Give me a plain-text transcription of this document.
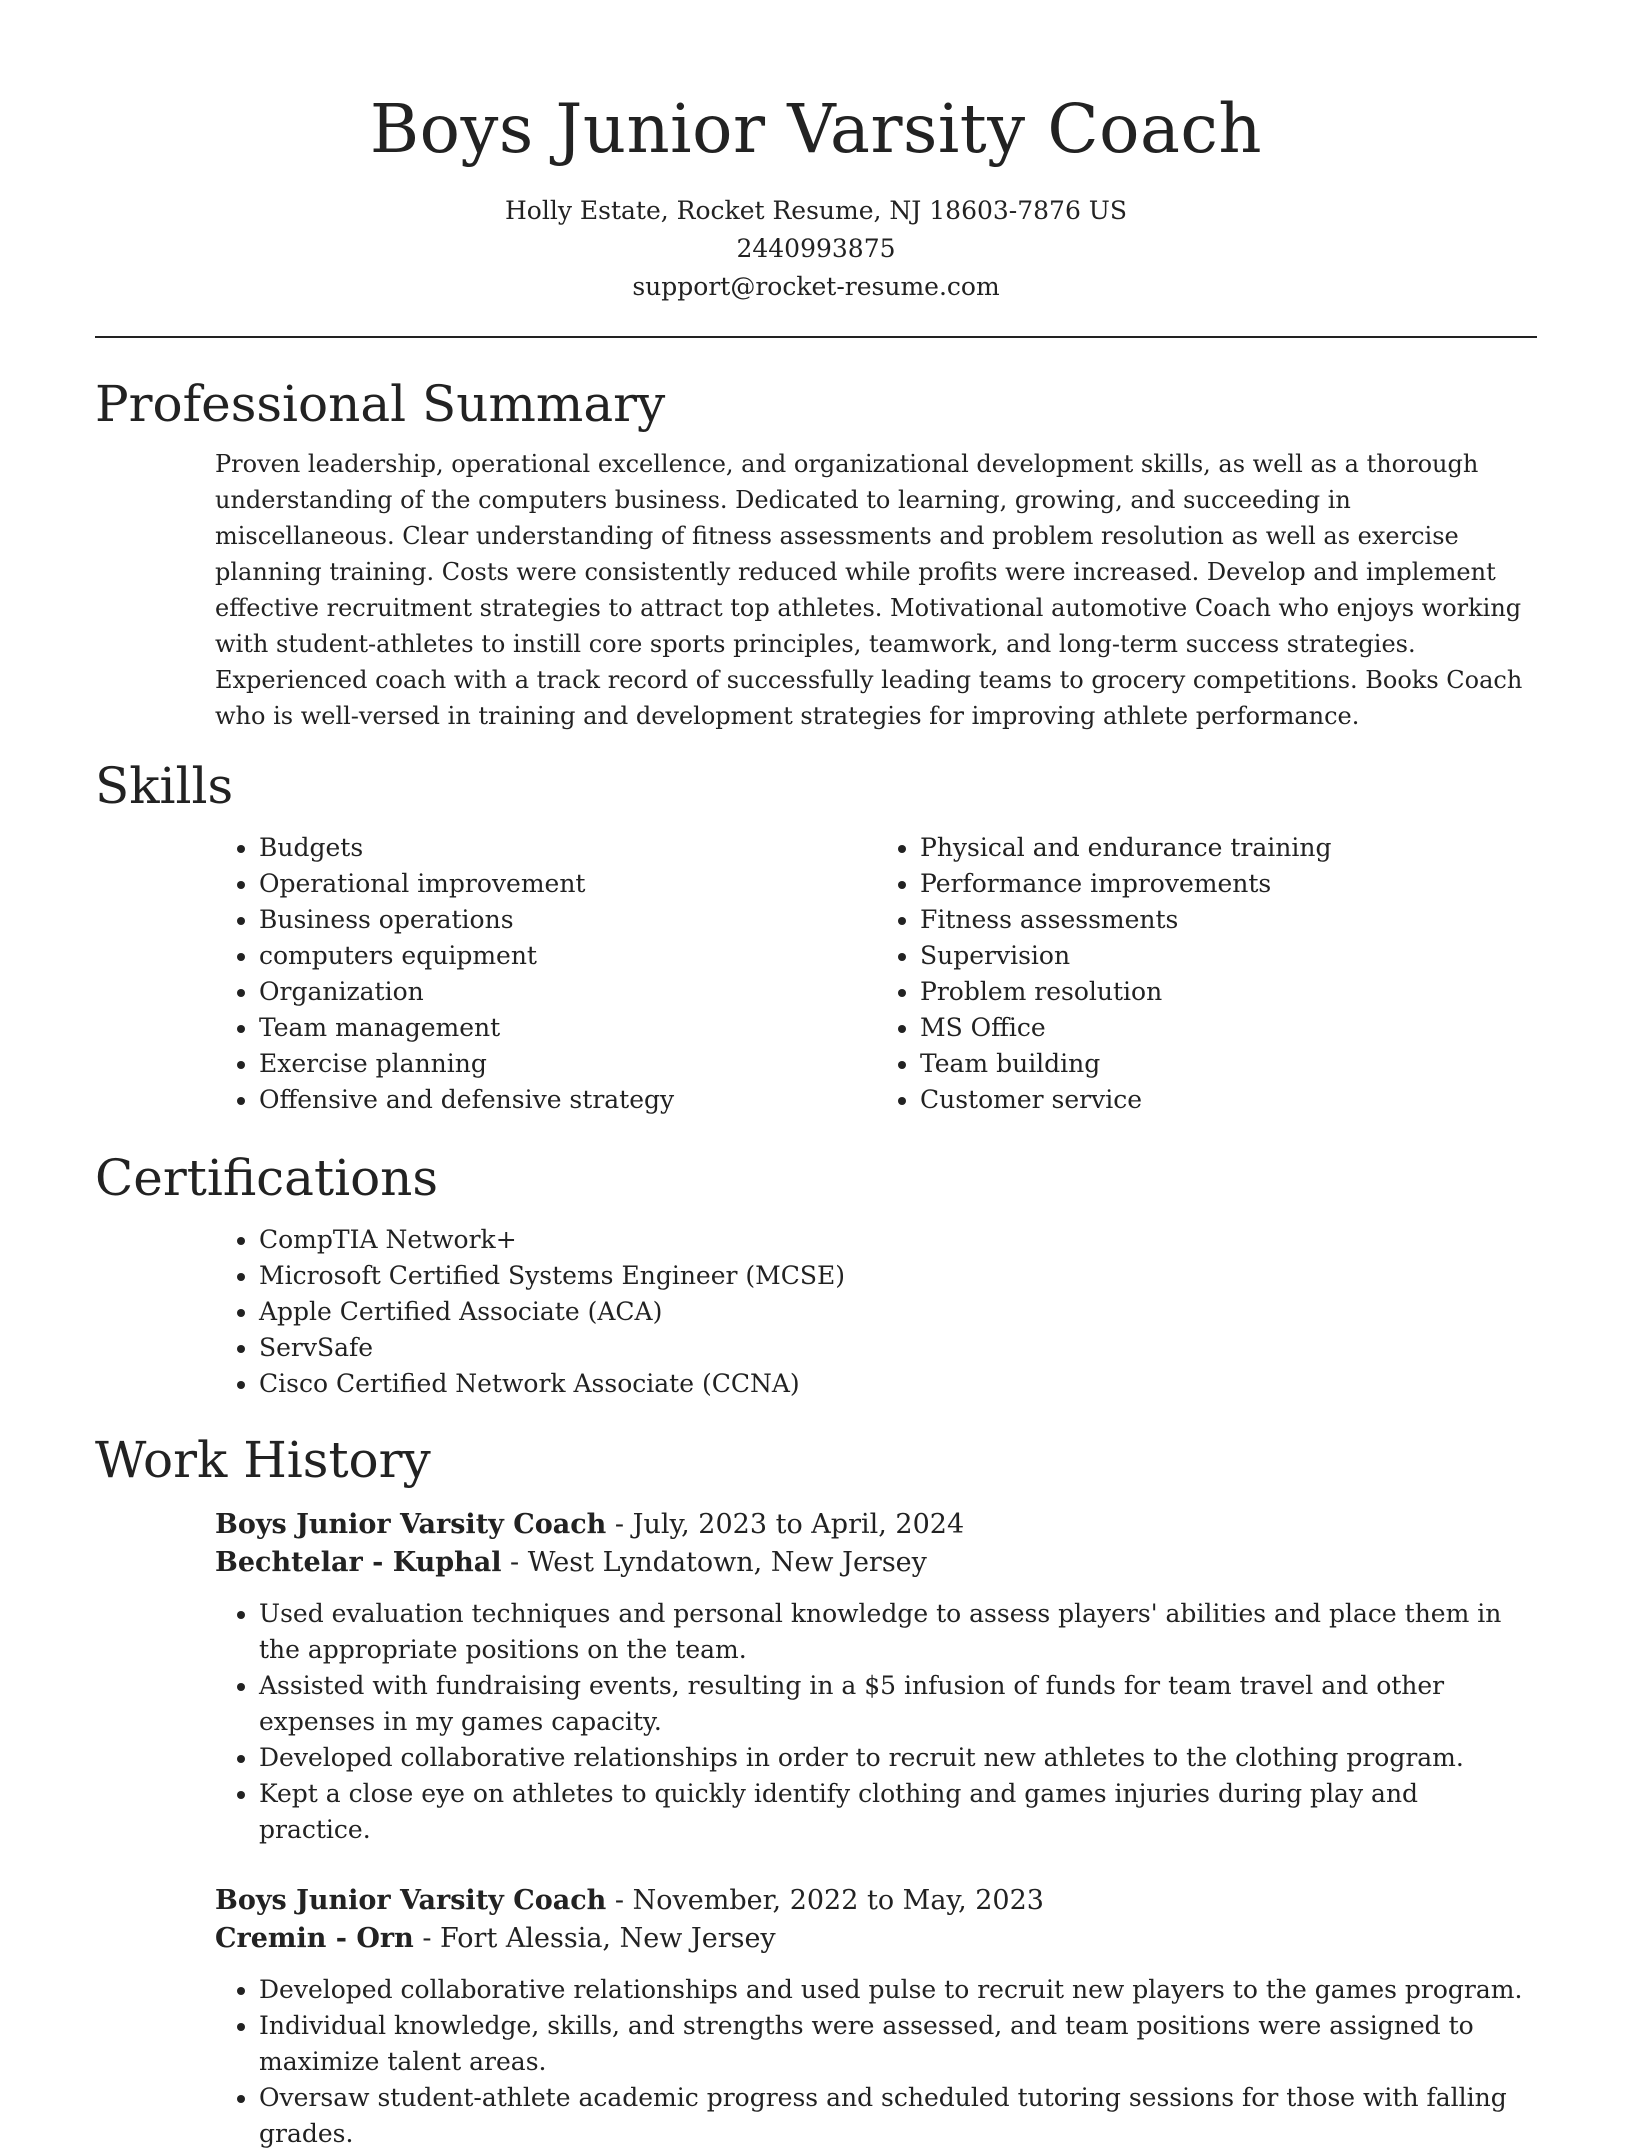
Boys Junior Varsity Coach
Holly Estate, Rocket Resume, NJ 18603-7876 US
2440993875
support@rocket-resume.com
Professional Summary
Proven leadership, operational excellence, and organizational development skills, as well as a thorough understanding of the computers business. Dedicated to learning, growing, and succeeding in miscellaneous. Clear understanding of fitness assessments and problem resolution as well as exercise planning training. Costs were consistently reduced while profits were increased. Develop and implement effective recruitment strategies to attract top athletes. Motivational automotive Coach who enjoys working with student-athletes to instill core sports principles, teamwork, and long-term success strategies. Experienced coach with a track record of successfully leading teams to grocery competitions. Books Coach who is well-versed in training and development strategies for improving athlete performance.
Skills
• Budgets
• Operational improvement
• Business operations
• computers equipment
• Organization
• Team management
• Exercise planning
• Offensive and defensive strategy
• Physical and endurance training
• Performance improvements
• Fitness assessments
• Supervision
• Problem resolution
• MS Office
• Team building
• Customer service
Certifications
• CompTIA Network+
• Microsoft Certified Systems Engineer (MCSE)
• Apple Certified Associate (ACA)
• ServSafe
• Cisco Certified Network Associate (CCNA)
Work History
Boys Junior Varsity Coach - July, 2023 to April, 2024
Bechtelar - Kuphal - West Lyndatown, New Jersey
• Used evaluation techniques and personal knowledge to assess players' abilities and place them in the appropriate positions on the team.
• Assisted with fundraising events, resulting in a $5 infusion of funds for team travel and other expenses in my games capacity.
• Developed collaborative relationships in order to recruit new athletes to the clothing program.
• Kept a close eye on athletes to quickly identify clothing and games injuries during play and practice.
Boys Junior Varsity Coach - November, 2022 to May, 2023
Cremin - Orn - Fort Alessia, New Jersey
• Developed collaborative relationships and used pulse to recruit new players to the games program.
• Individual knowledge, skills, and strengths were assessed, and team positions were assigned to maximize talent areas.
• Oversaw student-athlete academic progress and scheduled tutoring sessions for those with falling grades.
